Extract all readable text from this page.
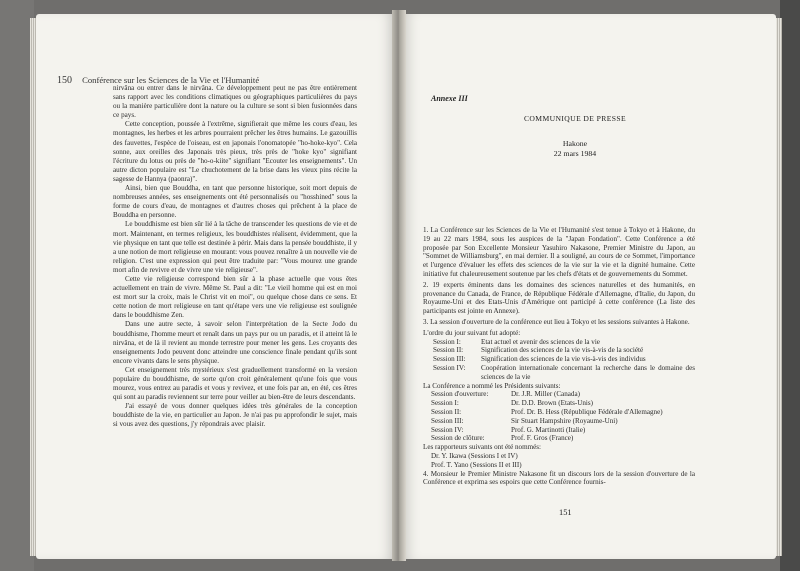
150 Conférence sur les Sciences de la Vie et l'Humanité

nirvâna ou entrer dans le nirvâna. Ce développement peut ne pas être entièrement sans rapport avec les conditions climatiques ou géographiques particulières du pays ou la manière particulière dont la nature ou la culture se sont si bien fusionnées dans ce pays.

Cette conception, poussée à l'extrême, signifierait que même les cours d'eau, les montagnes, les herbes et les arbres pourraient prêcher les êtres humains. Le gazouillis des fauvettes, l'espèce de l'oiseau, est en japonais l'onomatopée "ho-hoke-kyo". Cela sonne, aux oreilles des Japonais très pieux, très près de "hoke kyo" signifiant l'écriture du lotus ou près de "ho-o-kiite" signifiant "Ecouter les enseignements". Un autre dicton populaire est "Le chuchotement de la brise dans les vieux pins récite la sagesse de Hannya (paonra)".

Ainsi, bien que Bouddha, en tant que personne historique, soit mort depuis de nombreuses années, ses enseignements ont été personnalisés ou "hosshined" sous la forme de cours d'eau, de montagnes et d'autres choses qui prêchent à la place de Bouddha en personne.

Le bouddhisme est bien sûr lié à la tâche de transcender les questions de vie et de mort. Maintenant, en termes religieux, les bouddhistes réalisent, évidemment, que la vie physique en tant que telle est destinée à périr. Mais dans la pensée bouddhiste, il y a une notion de mort religieuse en mourant: vous pouvez renaître à un nouvelle vie de religion. C'est une expression qui peut être traduite par: "Vous mourez une grande mort afin de revivre et de vivre une vie religieuse".

Cette vie religieuse correspond bien sûr à la phase actuelle que vous êtes actuellement en train de vivre. Même St. Paul a dit: "Le vieil homme qui est en moi est mort sur la croix, mais le Christ vit en moi", ou quelque chose dans ce sens. Et cette notion de mort religieuse en tant qu'étape vers une vie religieuse est soulignée dans le bouddhisme Zen.

Dans une autre secte, à savoir selon l'interprétation de la Secte Jodo du bouddhisme, l'homme meurt et renaît dans un pays pur ou un paradis, et il atteint là le nirvâna, et de là il revient au monde terrestre pour mener les gens. Les croyants des enseignements Jodo peuvent donc atteindre une conscience finale pendant qu'ils sont encore vivants dans le sens physique.

Cet enseignement très mystérieux s'est graduellement transformé en la version populaire du bouddhisme, de sorte qu'on croit généralement qu'une fois que vous mourez, vous entrez au paradis et vous y revivez, et une fois par an, en été, ces êtres qui sont au paradis reviennent sur terre pour veiller au bien-être de leurs descendants.

J'ai essayé de vous donner quelques idées très générales de la conception bouddhiste de la vie, en particulier au Japon. Je n'ai pas pu approfondir le sujet, mais si vous avez des questions, j'y répondrais avec plaisir.

Annexe III
COMMUNIQUE DE PRESSE
Hakone
22 mars 1984
1. La Conférence sur les Sciences de la Vie et l'Humanité s'est tenue à Tokyo et à Hakone, du 19 au 22 mars 1984, sous les auspices de la "Japan Fondation". Cette Conférence a été proposée par Son Excellente Monsieur Yasuhiro Nakasone, Premier Ministre du Japon, au "Sommet de Williamsburg", en mai dernier. Il a souligné, au cours de ce Sommet, l'importance et l'urgence d'évaluer les effets des sciences de la vie sur la vie et la dignité humaine. Cette initiative fut chaleureusement soutenue par les chefs d'états et de gouvernements du Sommet.
2. 19 experts éminents dans les domaines des sciences naturelles et des humanités, en provenance du Canada, de France, de République Fédérale d'Allemagne, d'Italie, du Japon, du Royaume-Uni et des Etats-Unis d'Amérique ont participé à cette conférence (La liste des participants est jointe en Annexe).
3. La session d'ouverture de la conférence eut lieu à Tokyo et les sessions suivantes à Hakone.
L'ordre du jour suivant fut adopté:
Session I:	Etat actuel et avenir des sciences de la vie
Session II:	Signification des sciences de la vie vis-à-vis de la société
Session III:	Signification des sciences de la vie vis-à-vis des individus
Session IV:	Coopération internationale concernant la recherche dans le domaine des sciences de la vie
La Conférence a nommé les Présidents suivants:
Session d'ouverture:	Dr. J.R. Miller (Canada)
Session I:	Dr. D.D. Brown (Etats-Unis)
Session II:	Prof. Dr. B. Hess (République Fédérale d'Allemagne)
Session III:	Sir Stuart Hampshire (Royaume-Uni)
Session IV:	Prof. G. Martinotti (Italie)
Session de clôture:	Prof. F. Gros (France)
Les rapporteurs suivants ont été nommés:
Dr. Y. Ikawa (Sessions I et IV)
Prof. T. Yano (Sessions II et III)
4. Monsieur le Premier Ministre Nakasone fit un discours lors de la session d'ouverture de la Conférence et exprima ses espoirs que cette Conférence fournis-
151
